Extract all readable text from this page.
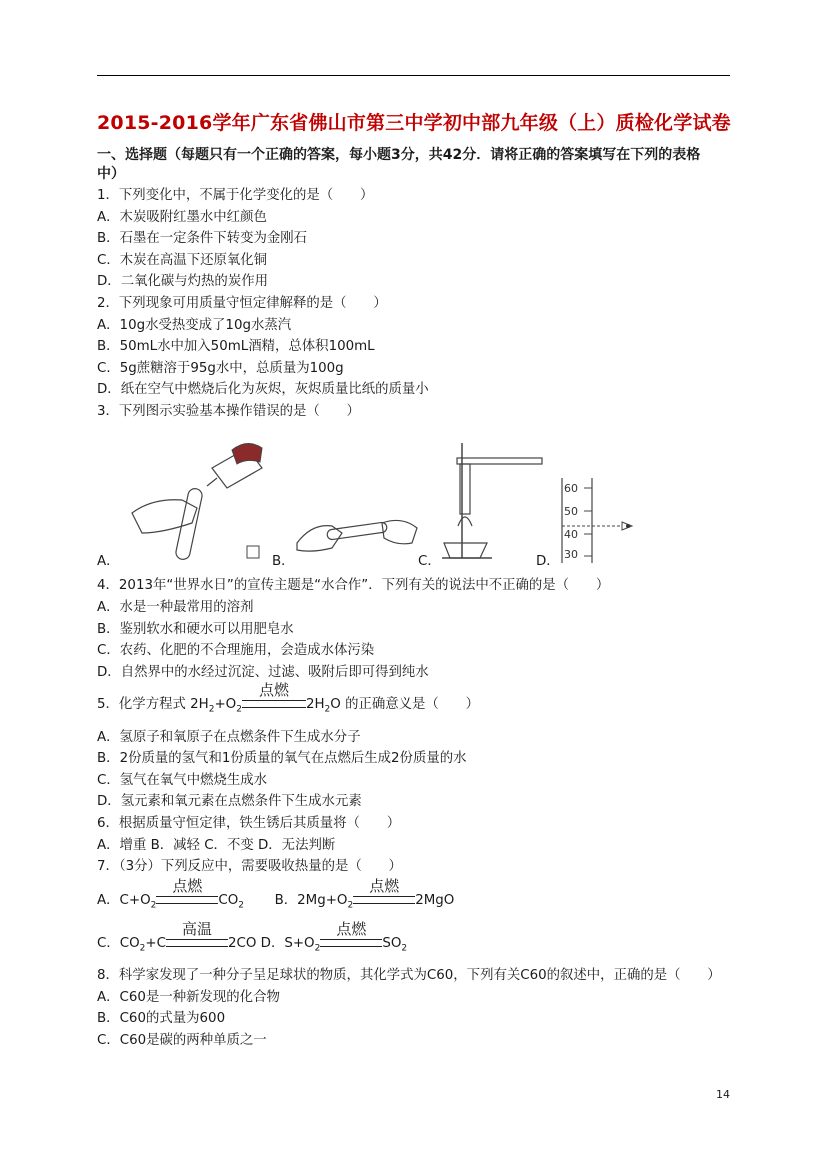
2015-2016学年广东省佛山市第三中学初中部九年级（上）质检化学试卷
一、选择题（每题只有一个正确的答案，每小题3分，共42分．请将正确的答案填写在下列的表格
中）
1．下列变化中，不属于化学变化的是（　　）
A．木炭吸附红墨水中红颜色
B．石墨在一定条件下转变为金刚石
C．木炭在高温下还原氧化铜
D．二氧化碳与灼热的炭作用
2．下列现象可用质量守恒定律解释的是（　　）
A．10g水受热变成了10g水蒸汽
B．50mL水中加入50mL酒精，总体积100mL
C．5g蔗糖溶于95g水中，总质量为100g
D．纸在空气中燃烧后化为灰烬，灰烬质量比纸的质量小
3．下列图示实验基本操作错误的是（　　）
60
50
40
30
A．	B．	C．	D．
4．2013年“世界水日”的宣传主题是“水合作”．下列有关的说法中不正确的是（　　）
A．水是一种最常用的溶剂
B．鉴别软水和硬水可以用肥皂水
C．农药、化肥的不合理施用，会造成水体污染
D．自然界中的水经过沉淀、过滤、吸附后即可得到纯水
5．化学方程式 $2H_2+O_2$
点燃
$2H_2O$ 的正确意义是（　　）
A．氢原子和氧原子在点燃条件下生成水分子
B．2份质量的氢气和1份质量的氧气在点燃后生成2份质量的水
C．氢气在氧气中燃烧生成水
D．氢元素和氧元素在点燃条件下生成水元素
6．根据质量守恒定律，铁生锈后其质量将（　　）
A．增重 B．减轻 C．不变 D．无法判断
7．（3分）下列反应中，需要吸收热量的是（　　）
A．$C+O_2$
点燃
$CO_2$ B．$2Mg+O_2$
点燃
2MgO
C．$CO_2+C$
高温
2CO D．$S+O_2$
点燃
$SO_2$
8．科学家发现了一种分子呈足球状的物质，其化学式为C60，下列有关C60的叙述中，正确的是（　　）
A．C60是一种新发现的化合物
B．C60的式量为600
C．C60是碳的两种单质之一
14
